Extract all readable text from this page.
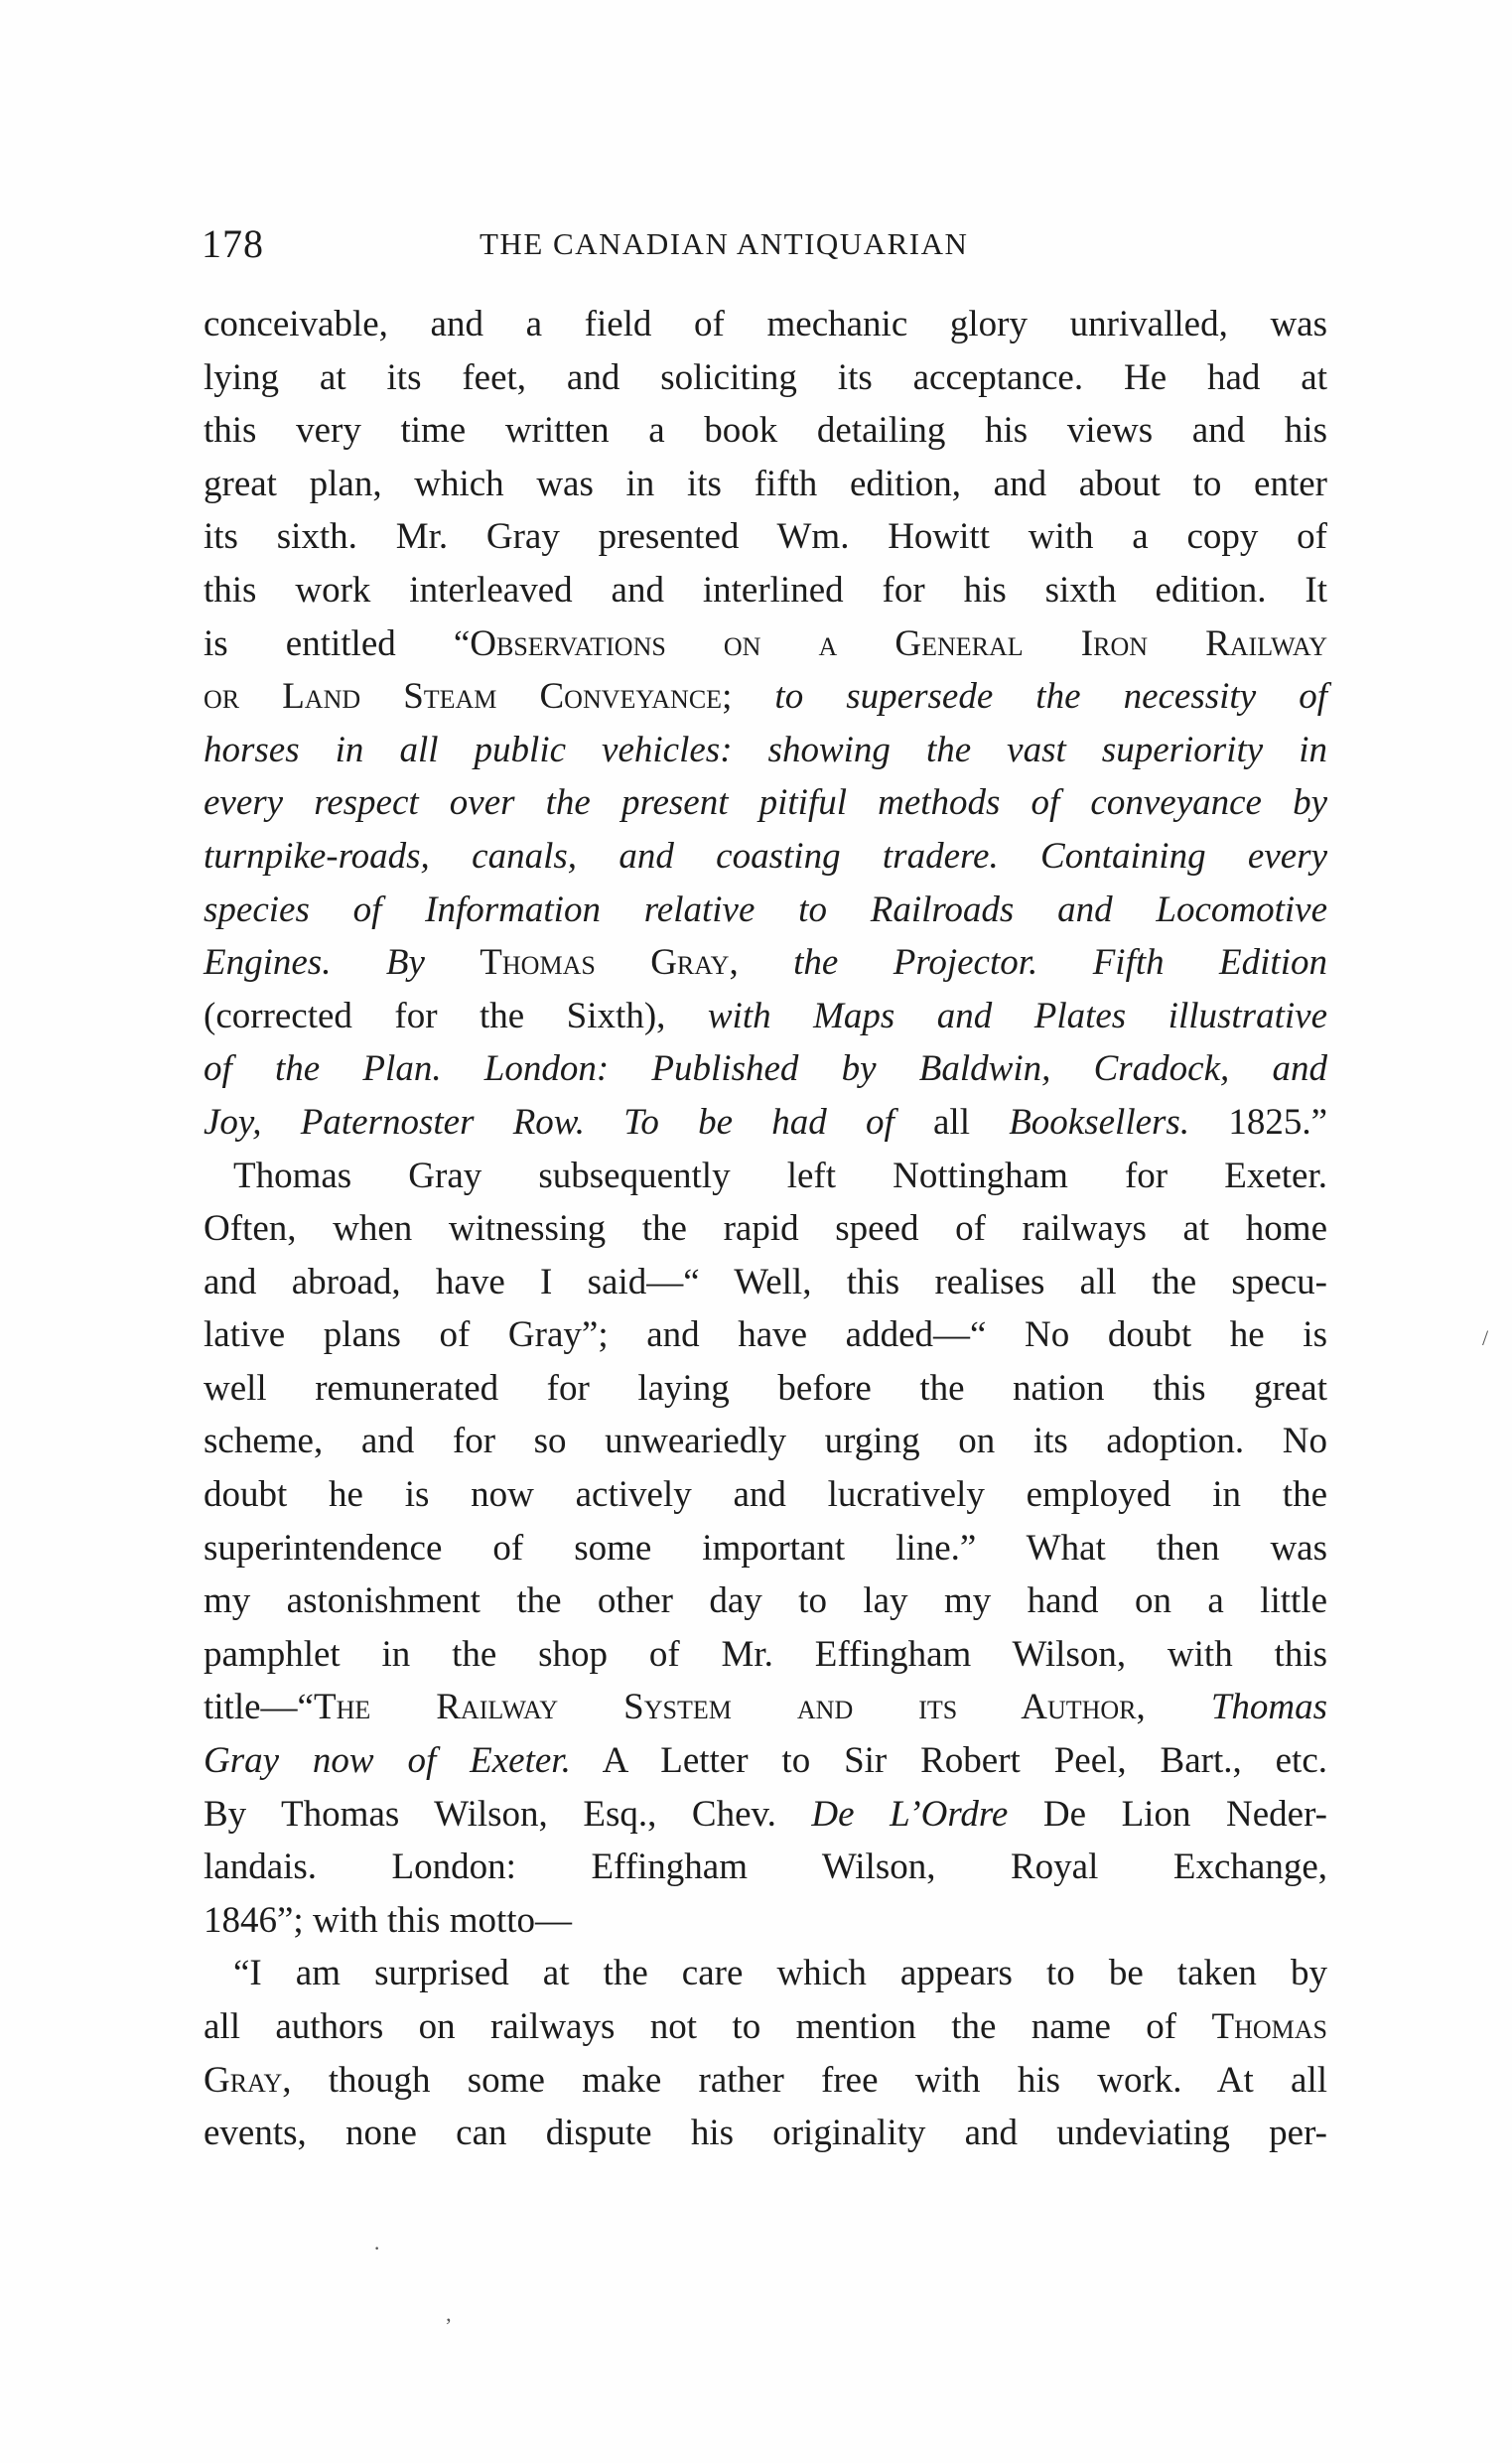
178	THE CANADIAN ANTIQUARIAN
conceivable, and a field of mechanic glory unrivalled, was
lying at its feet, and soliciting its acceptance. He had at
this very time written a book detailing his views and his
great plan, which was in its fifth edition, and about to enter
its sixth. Mr. Gray presented Wm. Howitt with a copy of
this work interleaved and interlined for his sixth edition. It
is entitled “Observations on a General Iron Railway
or Land Steam Conveyance; to supersede the necessity of
horses in all public vehicles: showing the vast superiority in
every respect over the present pitiful methods of conveyance by
turnpike-roads, canals, and coasting tradere. Containing every
species of Information relative to Railroads and Locomotive
Engines. By Thomas Gray, the Projector. Fifth Edition
(corrected for the Sixth), with Maps and Plates illustrative
of the Plan. London: Published by Baldwin, Cradock, and
Joy, Paternoster Row. To be had of all Booksellers. 1825.”
Thomas Gray subsequently left Nottingham for Exeter.
Often, when witnessing the rapid speed of railways at home
and abroad, have I said—“ Well, this realises all the specu-
lative plans of Gray”; and have added—“ No doubt he is
well remunerated for laying before the nation this great
scheme, and for so unweariedly urging on its adoption. No
doubt he is now actively and lucratively employed in the
superintendence of some important line.” What then was
my astonishment the other day to lay my hand on a little
pamphlet in the shop of Mr. Effingham Wilson, with this
title—“The Railway System and its Author, Thomas
Gray now of Exeter. A Letter to Sir Robert Peel, Bart., etc.
By Thomas Wilson, Esq., Chev. De L’Ordre De Lion Neder-
landais. London: Effingham Wilson, Royal Exchange,
1846”; with this motto—
“I am surprised at the care which appears to be taken by
all authors on railways not to mention the name of Thomas
Gray, though some make rather free with his work. At all
events, none can dispute his originality and undeviating per-
/
·
’
